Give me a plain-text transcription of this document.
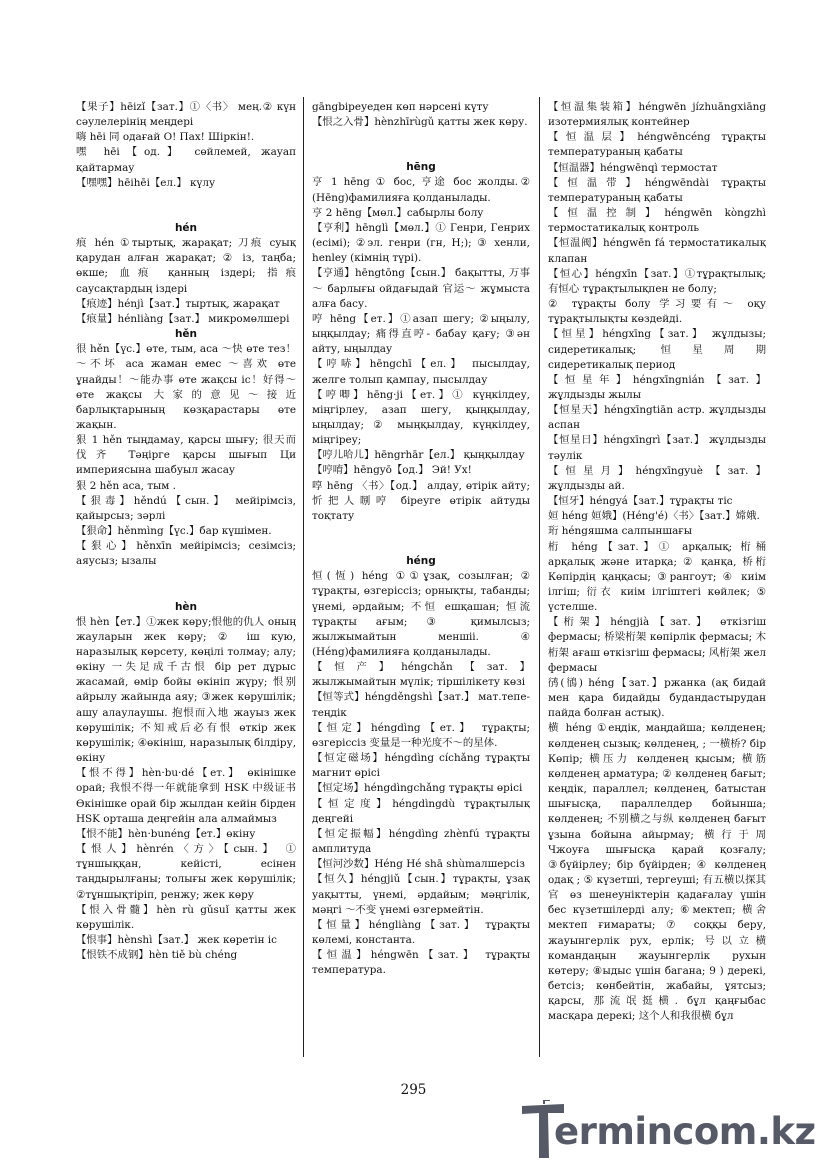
【果子】hēizǐ【зат.】①〈书〉 мең.② күн сәулелерінің меңдері

嗨 hēi 同 одағай О! Пах! Шіркін!.

嘿 hēi【од.】 сөйлемей, жауап қайтармау

【嘿嘿】hēihēi【ел.】 күлу

hén

痕 hén ①тыртық, жарақат; 刀痕 суық қарудан алған жарақат; ② із, таңба; өкше; 血痕 қанның іздері; 指痕 саусақтардың іздері

【痕迹】hénjì【зат.】тыртық, жарақат

【痕量】hénliàng【зат.】 микромөлшері

hěn

很 hěn【үс.】өте, тым, аса ～快 өте тез！～不坏 аса жаман емес ～喜欢 өте ұнайды！～能办事 өте жақсы іс！好得～ өте жақсы 大家的意见～接近 барлықтарының көзқарастары өте жақын.

狠 1 hěn тыңдамау, қарсы шығу; 很天而伐齐 Тәңірге қарсы шығып Ци империясына шабуыл жасау

狠 2 hěn аса, тым .

【狠毒】hěndú【сын.】 мейірімсіз, қайырсыз; зәрлі

【狠命】hěnmìng【үс.】бар күшімен.

【狠心】hěnxīn мейірімсіз; сезімсіз; аяусыз; ызалы

hèn

恨 hèn【ет.】①жек көру;恨他的仇人 оның жауларын жек көру; ② іш кую, наразылық көрсету, көңілі толмау; алу; өкіну 一失足成千古恨 бір рет дұрыс жасамай, өмір бойы өкініп жүру; 恨别 айрылу жайында аяу; ③жек көрушілік; ашу алаулаушы. 抱恨而入地 жауыз жек көрушілік; 不知戒后必有恨 өткір жек көрушілік; ④өкініш, наразылық білдіру, өкіну

【恨不得】hèn·bu·dé【ет.】 өкінішке орай; 我恨不得一年就能拿到 HSK 中级证书 Өкінішке орай бір жылдан кейін бірден HSK орташа деңгейін ала алмаймыз

【恨不能】hèn·bunéng【ет.】өкіну

【恨人】hènrén〈方〉【сын.】 ① тұншыққан, кейісті, есінен таңдырылғаны; толығы жек көрушілік; ②тұншықтіріп, ренжу; жек көру

【恨入骨髓】hèn rù gǔsuǐ қатты жек көрушілік.

【恨事】hènshì【зат.】 жек көретін іс

【恨铁不成钢】hèn tiě bù chéng

gāngbiреуеден көп нәрсені күту

【恨之入骨】hènzhīrùgǔ қатты жек көру.

hēng

亨 1 hēng ① бос, 亨途 бос жолды.② (Hēng)фамилияға қолданылады.

亨 2 hēng【мөл.】сабырлы болу

【亨利】hēnglì【мөл.】① Генри, Генрих (есімі); ②эл. генри (гн, H;); ③ хенли, henley (кімнің түрі).

【亨通】hēngtōng【сын.】 бақытты, 万事～ барлығы ойдағыдай 官运～ жұмыста алға басу.

哼 hēng【ет.】①азап шегу; ②ыңылу, ыңқылдау; 痛得直哼- бабау қағу; ③ән айту, ыңылдау

【哼哧】hēngchī【ел.】 пысылдау, желге толып қампау, пысылдау

【哼唧】hēng·ji【ет.】① күңкілдеу, міңгірлеу, азап шегу, қыңқылдау, ыңылдау; ② мыңқылдау, күңкілдеу, міңгіреу;

【哼儿哈儿】hēngrhār【ел.】 қыңқылдау

【哼唷】hēngyō【од.】 Эй! Ух!

啍 hēng 〈书〉【од.】 алдау, өтірік айту; 忻把人哵哼 біреуге өтірік айтуды тоқтату

héng

恒(恆) héng ①①ұзақ, созылған; ② тұрақты, өзгеріссіз; орнықты, табанды; үнемі, әрдайым; 不恒 ешқашан; 恒流 тұрақты ағым; ③ қимылсыз; жылжымайтын меншіі. ④ (Héng)фамилияға қолданылады.

【恒产】héngchǎn【зат.】 жылжымайтын мүлік; тіршілікету көзі

【恒等式】héngděngshì【зат.】 мат.тепе-теңдік

【恒定】héngdìng【ет.】 тұрақты; өзгеріссіз 变量是一种光度不～的星体.

【恒定磁场】héngdìng cíchǎng тұрақты магнит өрісі

【恒定场】héngdìngchǎng тұрақты өрісі

【恒定度】héngdìngdù тұрақтылық деңгейі

【恒定振幅】héngdìng zhènfú тұрақты амплитуда

【恒河沙数】Héng Hé shā shùmалшерсіз

【恒久】héngjiǔ【сын.】тұрақты, ұзақ уақытты, үнемі, әрдайым; мәңгілік, мәңгі ～不变 үнемі өзгермейтін.

【恒量】héngliàng【зат.】 тұрақты көлемі, константа.

【恒温】héngwēn【зат.】 тұрақты температура.

【恒温集装箱】héngwēn jízhuāngxiāng изотермиялық контейнер

【恒温层】héngwēncéng тұрақты температураның қабаты

【恒温器】héngwēnqì термостат

【恒温带】héngwēndài тұрақты температураның қабаты

【恒温控制】héngwēn kòngzhì термостатикалық контроль

【恒温阀】héngwēn fá термостатикалық клапан

【恒心】héngxīn【зат.】①тұрақтылық; 有恒心 тұрақтылықпен не болу;

② тұрақты болу 学习要有～ оқу тұрақтылықты көздейді.

【恒星】héngxīng【зат.】 жұлдызы; сидеретикалық; 恒星周期 сидеретикалық период

【恒星年】héngxīngnián【зат.】 жұлдызды жылы

【恒星天】héngxīngtiān астр. жұлдызды аспан

【恒星日】héngxīngrì【зат.】 жұлдызды тәулік

【恒星月】héngxīngyuè【зат.】 жұлдызды ай.

【恒牙】héngyá【зат.】тұрақты тіс

姮 héng 姮娥】(Héng'é)〈书〉【зат.】嫦娥.

珩 héngяшма салпыншағы

桁 héng【зат.】① арқалық; 桁桶 арқалық және итарқа; ② қанқа, 桥桁 Көпірдің қаңқасы; ③рангоут; ④ киім ілгіш; 衍衣 киім ілгіштегі көйлек; ⑤ үстелше.

【桁架】héngjià【зат.】 өткізгіш фермасы; 桥梁桁架 көпірлік фермасы; 木桁架 ағаш өткізгіш фермасы; 风桁架 жел фермасы

鸻(鴴) héng【зат.】ржанка (ақ бидай мен қара бидайды будандастырудан пайда болған астық).

横 héng ①еңдік, маңдайша; көлденең; көлденең сызық; көлденең, ; 一横桥? бір Көпір; 横压力 көлденең қысым; 横筋 көлденең арматура; ② көлденең бағыт; кеңдік, параллел; көлденең, батыстан шығысқа, параллелдер бойынша; көлденең; 不别横之与纵 көлденең бағыт ұзына бойына айырмау; 横行于周 Чжоуға шығысқа қарай қозғалу; ③бүйірлеу; бір бүйірден; ④ көлденең одақ ; ⑤ күзетші, тергеуші; 有五横以探其官 өз шенеуніктерін қадағалау үшін бес күзетшілерді алу; ⑥мектеп; 横舍 мектеп ғимараты; ⑦ соққы беру, жауынгерлік рух, ерлік; 号以立横 командаңын жауынгерлік рухын көтеру; ⑧ыдыс үшін багана; 9 ) дерекі, бетсіз; көнбейтін, жабайы, ұятсыз; қарсы, 那流氓挺横. бұл қаңғыбас масқара дерекі; 这个人和我很横 бұл

295
ermincom.kz
